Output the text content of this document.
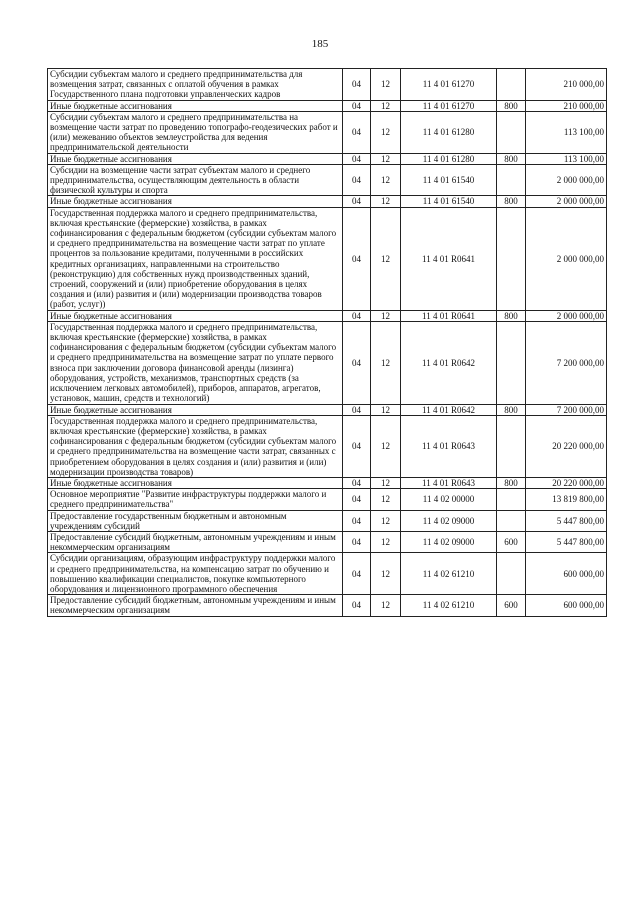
185
Субсидии субъектам малого и среднего предпринимательства для возмещения затрат, связанных с оплатой обучения в рамках Государственного плана подготовки управленческих кадров	04	12	11 4 01 61270		210 000,00
Иные бюджетные ассигнования	04	12	11 4 01 61270	800	210 000,00
Субсидии субъектам малого и среднего предпринимательства на возмещение части затрат по проведению топографо-геодезических работ и (или) межеванию объектов землеустройства для ведения предпринимательской деятельности	04	12	11 4 01 61280		113 100,00
Иные бюджетные ассигнования	04	12	11 4 01 61280	800	113 100,00
Субсидии на возмещение части затрат субъектам малого и среднего предпринимательства, осуществляющим деятельность в области физической культуры и спорта	04	12	11 4 01 61540		2 000 000,00
Иные бюджетные ассигнования	04	12	11 4 01 61540	800	2 000 000,00
Государственная поддержка малого и среднего предпринимательства, включая крестьянские (фермерские) хозяйства, в рамках софинансирования с федеральным бюджетом (субсидии субъектам малого и среднего предпринимательства на возмещение части затрат по уплате процентов за пользование кредитами, полученными в российских кредитных организациях, направленными на строительство (реконструкцию) для собственных нужд производственных зданий, строений, сооружений и (или) приобретение оборудования в целях создания и (или) развития и (или) модернизации производства товаров (работ, услуг))	04	12	11 4 01 R0641		2 000 000,00
Иные бюджетные ассигнования	04	12	11 4 01 R0641	800	2 000 000,00
Государственная поддержка малого и среднего предпринимательства, включая крестьянские (фермерские) хозяйства, в рамках софинансирования с федеральным бюджетом (субсидии субъектам малого и среднего предпринимательства на возмещение затрат по уплате первого взноса при заключении договора финансовой аренды (лизинга) оборудования, устройств, механизмов, транспортных средств (за исключением легковых автомобилей), приборов, аппаратов, агрегатов, установок, машин, средств и технологий)	04	12	11 4 01 R0642		7 200 000,00
Иные бюджетные ассигнования	04	12	11 4 01 R0642	800	7 200 000,00
Государственная поддержка малого и среднего предпринимательства, включая крестьянские (фермерские) хозяйства, в рамках софинансирования с федеральным бюджетом (субсидии субъектам малого и среднего предпринимательства на возмещение части затрат, связанных с приобретением оборудования в целях создания и (или) развития и (или) модернизации производства товаров)	04	12	11 4 01 R0643		20 220 000,00
Иные бюджетные ассигнования	04	12	11 4 01 R0643	800	20 220 000,00
Основное мероприятие "Развитие инфраструктуры поддержки малого и среднего предпринимательства"	04	12	11 4 02 00000		13 819 800,00
Предоставление государственным бюджетным и автономным учреждениям субсидий	04	12	11 4 02 09000		5 447 800,00
Предоставление субсидий бюджетным, автономным учреждениям и иным некоммерческим организациям	04	12	11 4 02 09000	600	5 447 800,00
Субсидии организациям, образующим инфраструктуру поддержки малого и среднего предпринимательства, на компенсацию затрат по обучению и повышению квалификации специалистов, покупке компьютерного оборудования и лицензионного программного обеспечения	04	12	11 4 02 61210		600 000,00
Предоставление субсидий бюджетным, автономным учреждениям и иным некоммерческим организациям	04	12	11 4 02 61210	600	600 000,00
